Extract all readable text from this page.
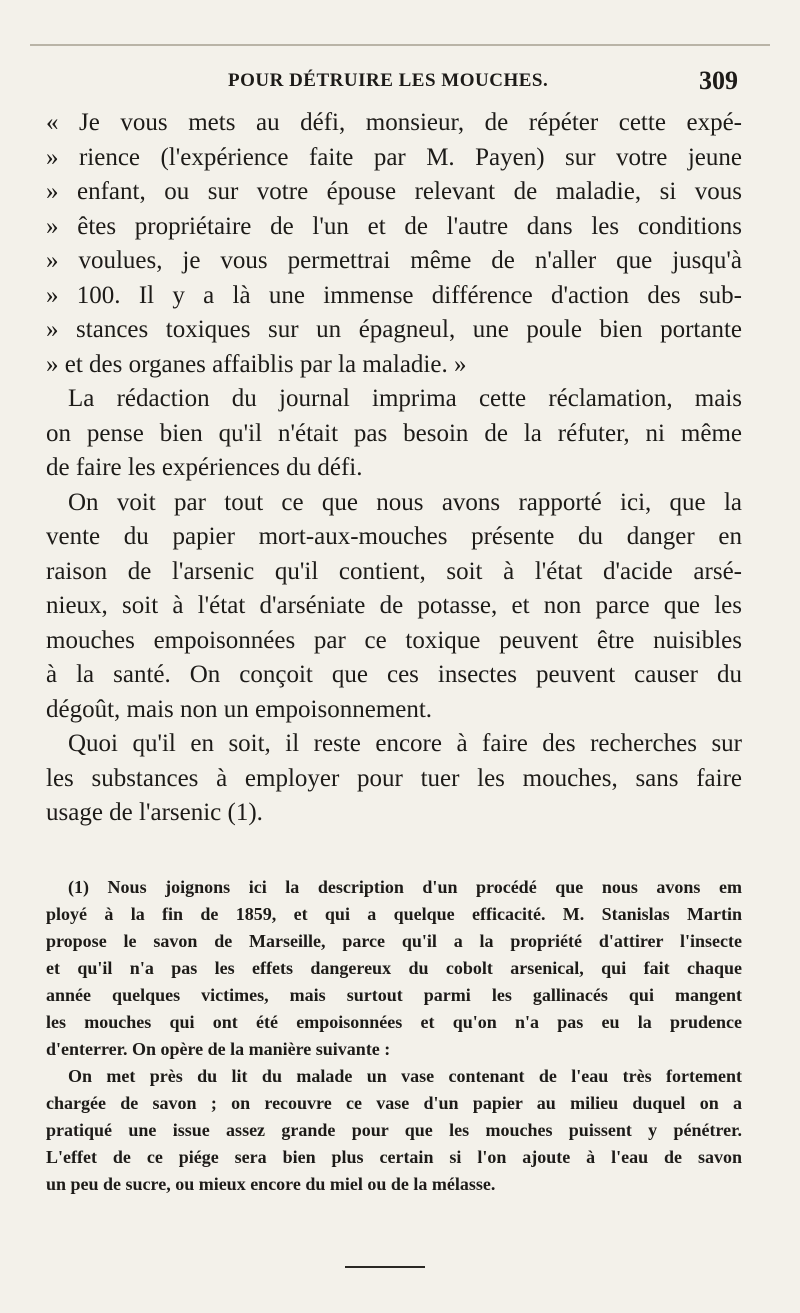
POUR DÉTRUIRE LES MOUCHES.	309
« Je vous mets au défi, monsieur, de répéter cette expé-
» rience (l'expérience faite par M. Payen) sur votre jeune
» enfant, ou sur votre épouse relevant de maladie, si vous
» êtes propriétaire de l'un et de l'autre dans les conditions
» voulues, je vous permettrai même de n'aller que jusqu'à
» 100. Il y a là une immense différence d'action des sub-
» stances toxiques sur un épagneul, une poule bien portante
» et des organes affaiblis par la maladie. »
La rédaction du journal imprima cette réclamation, mais
on pense bien qu'il n'était pas besoin de la réfuter, ni même
de faire les expériences du défi.
On voit par tout ce que nous avons rapporté ici, que la
vente du papier mort-aux-mouches présente du danger en
raison de l'arsenic qu'il contient, soit à l'état d'acide arsé-
nieux, soit à l'état d'arséniate de potasse, et non parce que les
mouches empoisonnées par ce toxique peuvent être nuisibles
à la santé. On conçoit que ces insectes peuvent causer du
dégoût, mais non un empoisonnement.
Quoi qu'il en soit, il reste encore à faire des recherches sur
les substances à employer pour tuer les mouches, sans faire
usage de l'arsenic (1).
(1) Nous joignons ici la description d'un procédé que nous avons em
ployé à la fin de 1859, et qui a quelque efficacité. M. Stanislas Martin
propose le savon de Marseille, parce qu'il a la propriété d'attirer l'insecte
et qu'il n'a pas les effets dangereux du cobolt arsenical, qui fait chaque
année quelques victimes, mais surtout parmi les gallinacés qui mangent
les mouches qui ont été empoisonnées et qu'on n'a pas eu la prudence
d'enterrer. On opère de la manière suivante :
On met près du lit du malade un vase contenant de l'eau très fortement
chargée de savon ; on recouvre ce vase d'un papier au milieu duquel on a
pratiqué une issue assez grande pour que les mouches puissent y pénétrer.
L'effet de ce piége sera bien plus certain si l'on ajoute à l'eau de savon
un peu de sucre, ou mieux encore du miel ou de la mélasse.
